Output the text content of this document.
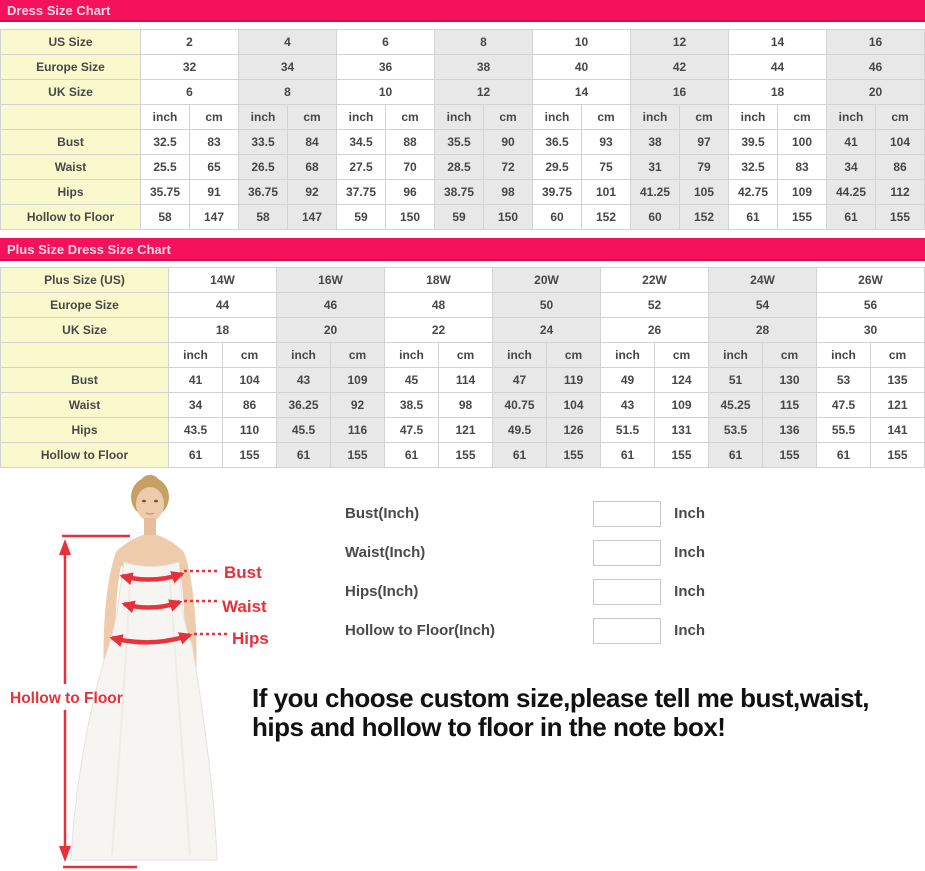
Dress Size Chart
US Size	2		4		6		8		10		12		14		16	
Europe Size	32		34		36		38		40		42		44		46	
UK Size	6		8		10		12		14		16		18		20	
	inch	cm	inch	cm	inch	cm	inch	cm	inch	cm	inch	cm	inch	cm	inch	cm
Bust	32.5	83	33.5	84	34.5	88	35.5	90	36.5	93	38	97	39.5	100	41	104
Waist	25.5	65	26.5	68	27.5	70	28.5	72	29.5	75	31	79	32.5	83	34	86
Hips	35.75	91	36.75	92	37.75	96	38.75	98	39.75	101	41.25	105	42.75	109	44.25	112
Hollow to Floor	58	147	58	147	59	150	59	150	60	152	60	152	61	155	61	155
Plus Size Dress Size Chart
Plus Size (US)	14W		16W		18W		20W		22W		24W		26W	
Europe Size	44		46		48		50		52		54		56	
UK Size	18		20		22		24		26		28		30	
	inch	cm	inch	cm	inch	cm	inch	cm	inch	cm	inch	cm	inch	cm
Bust	41	104	43	109	45	114	47	119	49	124	51	130	53	135
Waist	34	86	36.25	92	38.5	98	40.75	104	43	109	45.25	115	47.5	121
Hips	43.5	110	45.5	116	47.5	121	49.5	126	51.5	131	53.5	136	55.5	141
Hollow to Floor	61	155	61	155	61	155	61	155	61	155	61	155	61	155
Hollow to Floor
Bust
Waist
Hips
Bust(Inch)	Inch
Waist(Inch)	Inch
Hips(Inch)	Inch
Hollow to Floor(Inch)	Inch
If you choose custom size,please tell me bust,waist,
hips and hollow to floor in the note box!
